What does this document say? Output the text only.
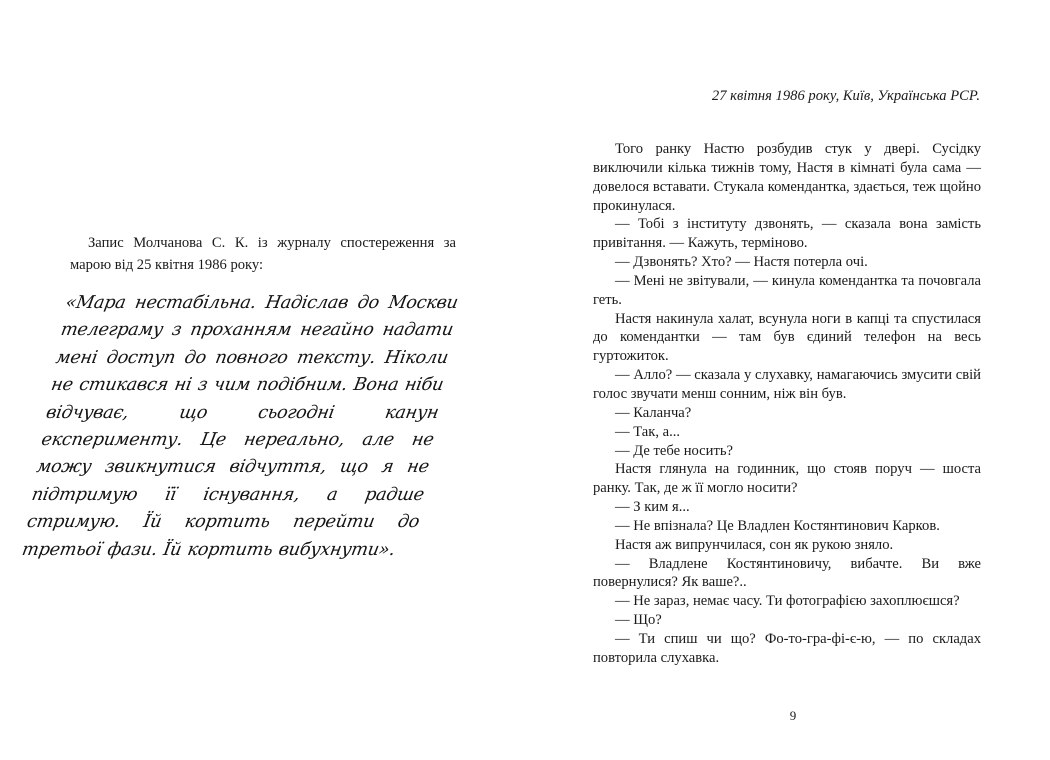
Запис Молчанова С. К. із журналу спостереження за марою від 25 квітня 1986 року:

«Мара нестабільна. Надіслав до Москви телеграму з проханням негайно надати мені доступ до повного тексту. Ніколи не стикався ні з чим подібним. Вона ніби відчуває, що сьогодні канун експерименту. Це нереально, але не можу звикнутися відчуття, що я не підтримую її існування, а радше стримую. Їй кортить перейти до третьої фази. Їй кортить вибухнути».

27 квітня 1986 року, Київ, Українська РСР.

Того ранку Настю розбудив стук у двері. Сусідку виключили кілька тижнів тому, Настя в кімнаті була сама — довелося вставати. Стукала комендантка, здається, теж щойно прокинулася.

— Тобі з інституту дзвонять, — сказала вона замість привітання. — Кажуть, терміново.

— Дзвонять? Хто? — Настя потерла очі.

— Мені не звітували, — кинула комендантка та почовгала геть.

Настя накинула халат, всунула ноги в капці та спустилася до комендантки — там був єдиний телефон на весь гуртожиток.

— Алло? — сказала у слухавку, намагаючись змусити свій голос звучати менш сонним, ніж він був.

— Каланча?

— Так, а...

— Де тебе носить?

Настя глянула на годинник, що стояв поруч — шоста ранку. Так, де ж її могло носити?

— З ким я...

— Не впізнала? Це Владлен Костянтинович Карков.

Настя аж випрунчилася, сон як рукою зняло.

— Владлене Костянтиновичу, вибачте. Ви вже повернулися? Як ваше?..

— Не зараз, немає часу. Ти фотографією захоплюєшся?

— Що?

— Ти спиш чи що? Фо-то-гра-фі-є-ю, — по складах повторила слухавка.

9
